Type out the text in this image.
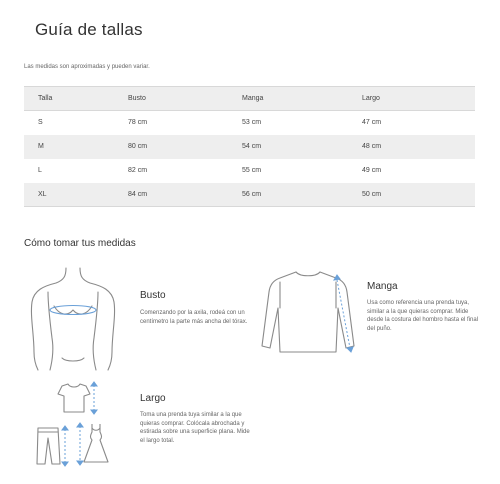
Guía de tallas
Las medidas son aproximadas y pueden variar.
Talla	Busto	Manga	Largo
S	78 cm	53 cm	47 cm
M	80 cm	54 cm	48 cm
L	82 cm	55 cm	49 cm
XL	84 cm	56 cm	50 cm
Cómo tomar tus medidas
Busto
Comenzando por la axila, rodeá con un centímetro la parte más ancha del tórax.
Manga
Usa como referencia una prenda tuya, similar a la que quieras comprar. Mide desde la costura del hombro hasta el final del puño.
Largo
Toma una prenda tuya similar a la que quieras comprar. Colócala abrochada y estirada sobre una superficie plana. Mide el largo total.
